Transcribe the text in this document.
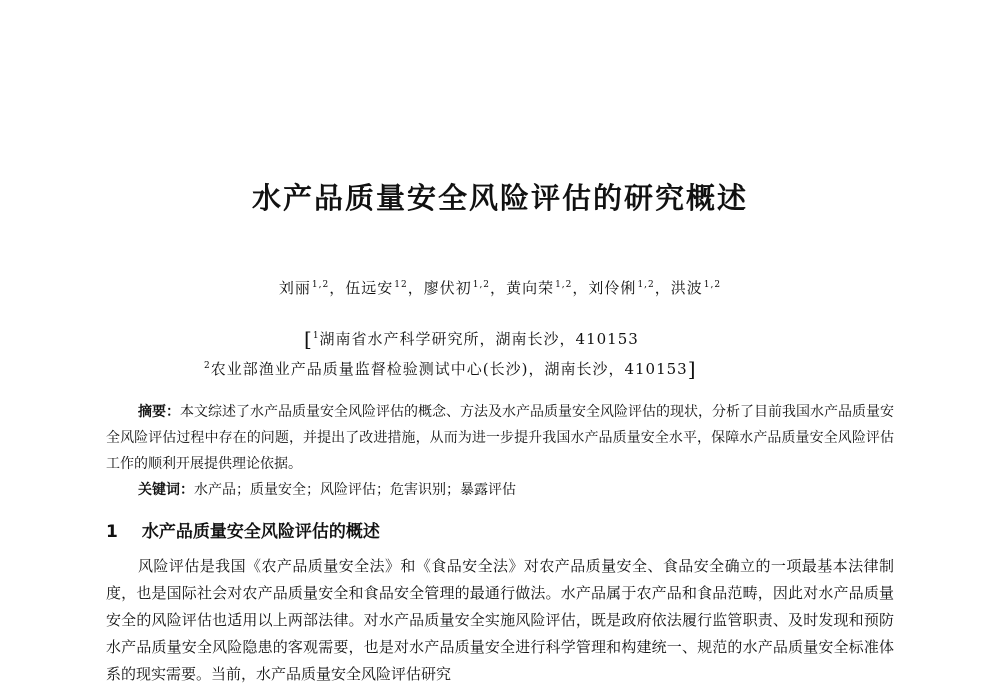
水产品质量安全风险评估的研究概述
刘丽$^{1,2}$，伍远安$^{12}$，廖伏初$^{1,2}$，黄向荣$^{1,2}$，刘伶俐$^{1,2}$，洪波$^{1,2}$
[$^1$湖南省水产科学研究所，湖南长沙，410153
$^2$农业部渔业产品质量监督检验测试中心(长沙)，湖南长沙，410153]

摘要：本文综述了水产品质量安全风险评估的概念、方法及水产品质量安全风险评估的现状，分析了目前我国水产品质量安全风险评估过程中存在的问题，并提出了改进措施，从而为进一步提升我国水产品质量安全水平，保障水产品质量安全风险评估工作的顺利开展提供理论依据。

关键词：水产品；质量安全；风险评估；危害识别；暴露评估
1 水产品质量安全风险评估的概述

风险评估是我国《农产品质量安全法》和《食品安全法》对农产品质量安全、食品安全确立的一项最基本法律制度，也是国际社会对农产品质量安全和食品安全管理的最通行做法。水产品属于农产品和食品范畴，因此对水产品质量安全的风险评估也适用以上两部法律。对水产品质量安全实施风险评估，既是政府依法履行监管职责、及时发现和预防水产品质量安全风险隐患的客观需要，也是对水产品质量安全进行科学管理和构建统一、规范的水产品质量安全标准体系的现实需要。当前，水产品质量安全风险评估研究
